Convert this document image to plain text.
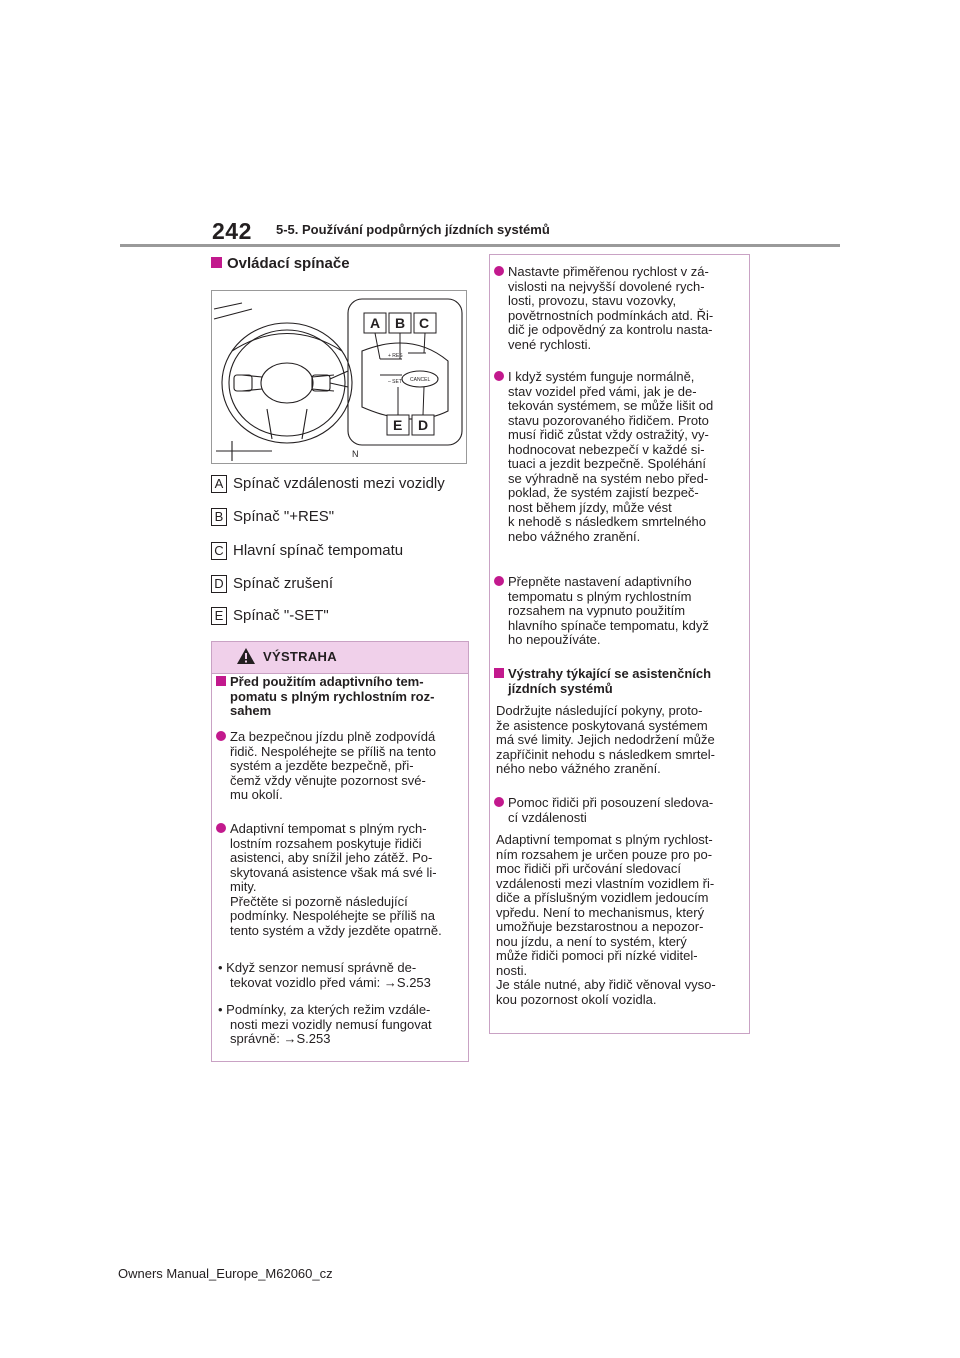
242 5-5. Používání podpůrných jízdních systémů
Ovládací spínače
A B C
E D
+ RES
– SET CANCEL
N
A Spínač vzdálenosti mezi vozidly
B Spínač "+RES"
C Hlavní spínač tempomatu
D Spínač zrušení
E Spínač "-SET"
VÝSTRAHA
Před použitím adaptivního tem-
pomatu s plným rychlostním roz-
sahem
Za bezpečnou jízdu plně zodpovídá
řidič. Nespoléhejte se příliš na tento
systém a jezděte bezpečně, při-
čemž vždy věnujte pozornost své-
mu okolí.
Adaptivní tempomat s plným rych-
lostním rozsahem poskytuje řidiči
asistenci, aby snížil jeho zátěž. Po-
skytovaná asistence však má své li-
mity.
Přečtěte si pozorně následující
podmínky. Nespoléhejte se příliš na
tento systém a vždy jezděte opatrně.
• Když senzor nemusí správně de-
tekovat vozidlo před vámi: →S.253
• Podmínky, za kterých režim vzdále-
nosti mezi vozidly nemusí fungovat
správně: →S.253
Nastavte přiměřenou rychlost v zá-
vislosti na nejvyšší dovolené rych-
losti, provozu, stavu vozovky,
povětrnostních podmínkách atd. Ři-
dič je odpovědný za kontrolu nasta-
vené rychlosti.
I když systém funguje normálně,
stav vozidel před vámi, jak je de-
tekován systémem, se může lišit od
stavu pozorovaného řidičem. Proto
musí řidič zůstat vždy ostražitý, vy-
hodnocovat nebezpečí v každé si-
tuaci a jezdit bezpečně. Spoléhání
se výhradně na systém nebo před-
poklad, že systém zajistí bezpeč-
nost během jízdy, může vést
k nehodě s následkem smrtelného
nebo vážného zranění.
Přepněte nastavení adaptivního
tempomatu s plným rychlostním
rozsahem na vypnuto použitím
hlavního spínače tempomatu, když
ho nepoužíváte.
Výstrahy týkající se asistenčních
jízdních systémů
Dodržujte následující pokyny, proto-
že asistence poskytovaná systémem
má své limity. Jejich nedodržení může
zapříčinit nehodu s následkem smrtel-
ného nebo vážného zranění.
Pomoc řidiči při posouzení sledova-
cí vzdálenosti
Adaptivní tempomat s plným rychlost-
ním rozsahem je určen pouze pro po-
moc řidiči při určování sledovací
vzdálenosti mezi vlastním vozidlem ři-
diče a příslušným vozidlem jedoucím
vpředu. Není to mechanismus, který
umožňuje bezstarostnou a nepozor-
nou jízdu, a není to systém, který
může řidiči pomoci při nízké viditel-
nosti.
Je stále nutné, aby řidič věnoval vyso-
kou pozornost okolí vozidla.
Owners Manual_Europe_M62060_cz
